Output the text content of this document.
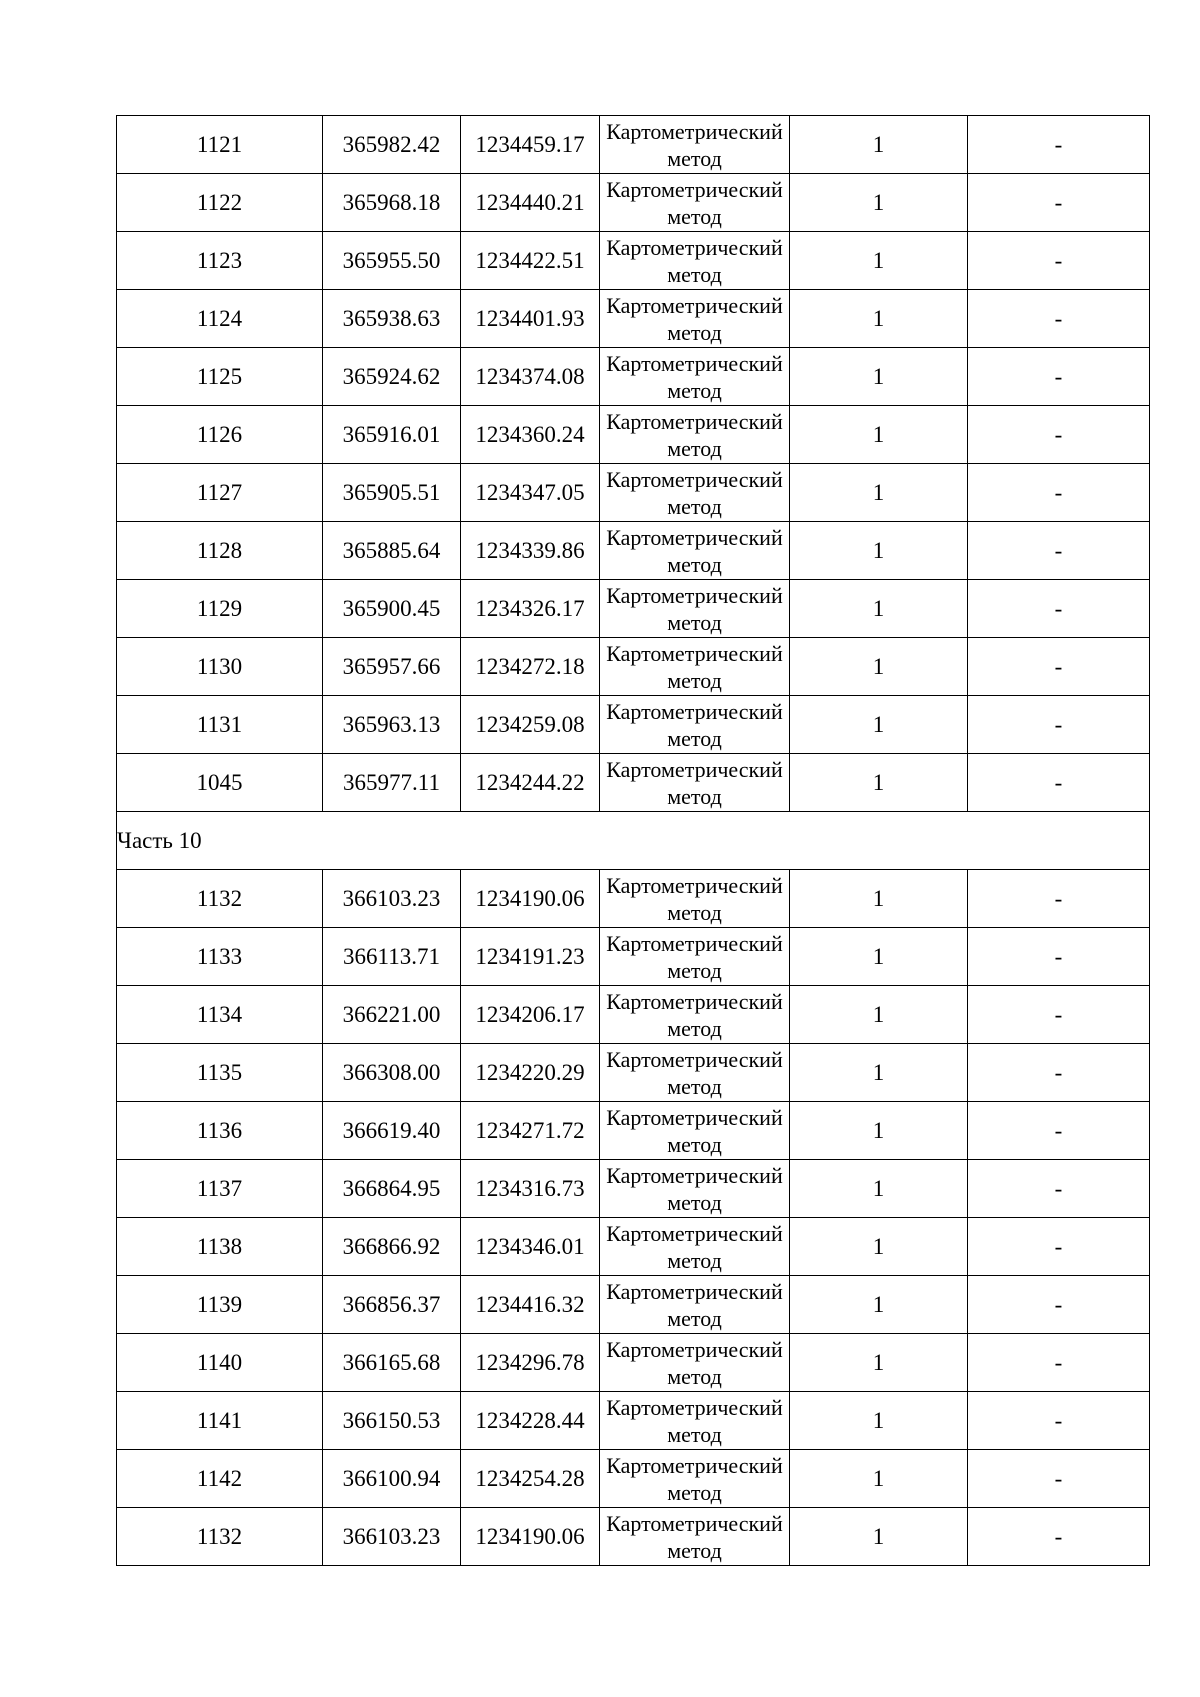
1121	365982.42	1234459.17	Картометрический метод	1	-
1122	365968.18	1234440.21	Картометрический метод	1	-
1123	365955.50	1234422.51	Картометрический метод	1	-
1124	365938.63	1234401.93	Картометрический метод	1	-
1125	365924.62	1234374.08	Картометрический метод	1	-
1126	365916.01	1234360.24	Картометрический метод	1	-
1127	365905.51	1234347.05	Картометрический метод	1	-
1128	365885.64	1234339.86	Картометрический метод	1	-
1129	365900.45	1234326.17	Картометрический метод	1	-
1130	365957.66	1234272.18	Картометрический метод	1	-
1131	365963.13	1234259.08	Картометрический метод	1	-
1045	365977.11	1234244.22	Картометрический метод	1	-
Часть 10					
1132	366103.23	1234190.06	Картометрический метод	1	-
1133	366113.71	1234191.23	Картометрический метод	1	-
1134	366221.00	1234206.17	Картометрический метод	1	-
1135	366308.00	1234220.29	Картометрический метод	1	-
1136	366619.40	1234271.72	Картометрический метод	1	-
1137	366864.95	1234316.73	Картометрический метод	1	-
1138	366866.92	1234346.01	Картометрический метод	1	-
1139	366856.37	1234416.32	Картометрический метод	1	-
1140	366165.68	1234296.78	Картометрический метод	1	-
1141	366150.53	1234228.44	Картометрический метод	1	-
1142	366100.94	1234254.28	Картометрический метод	1	-
1132	366103.23	1234190.06	Картометрический метод	1	-
